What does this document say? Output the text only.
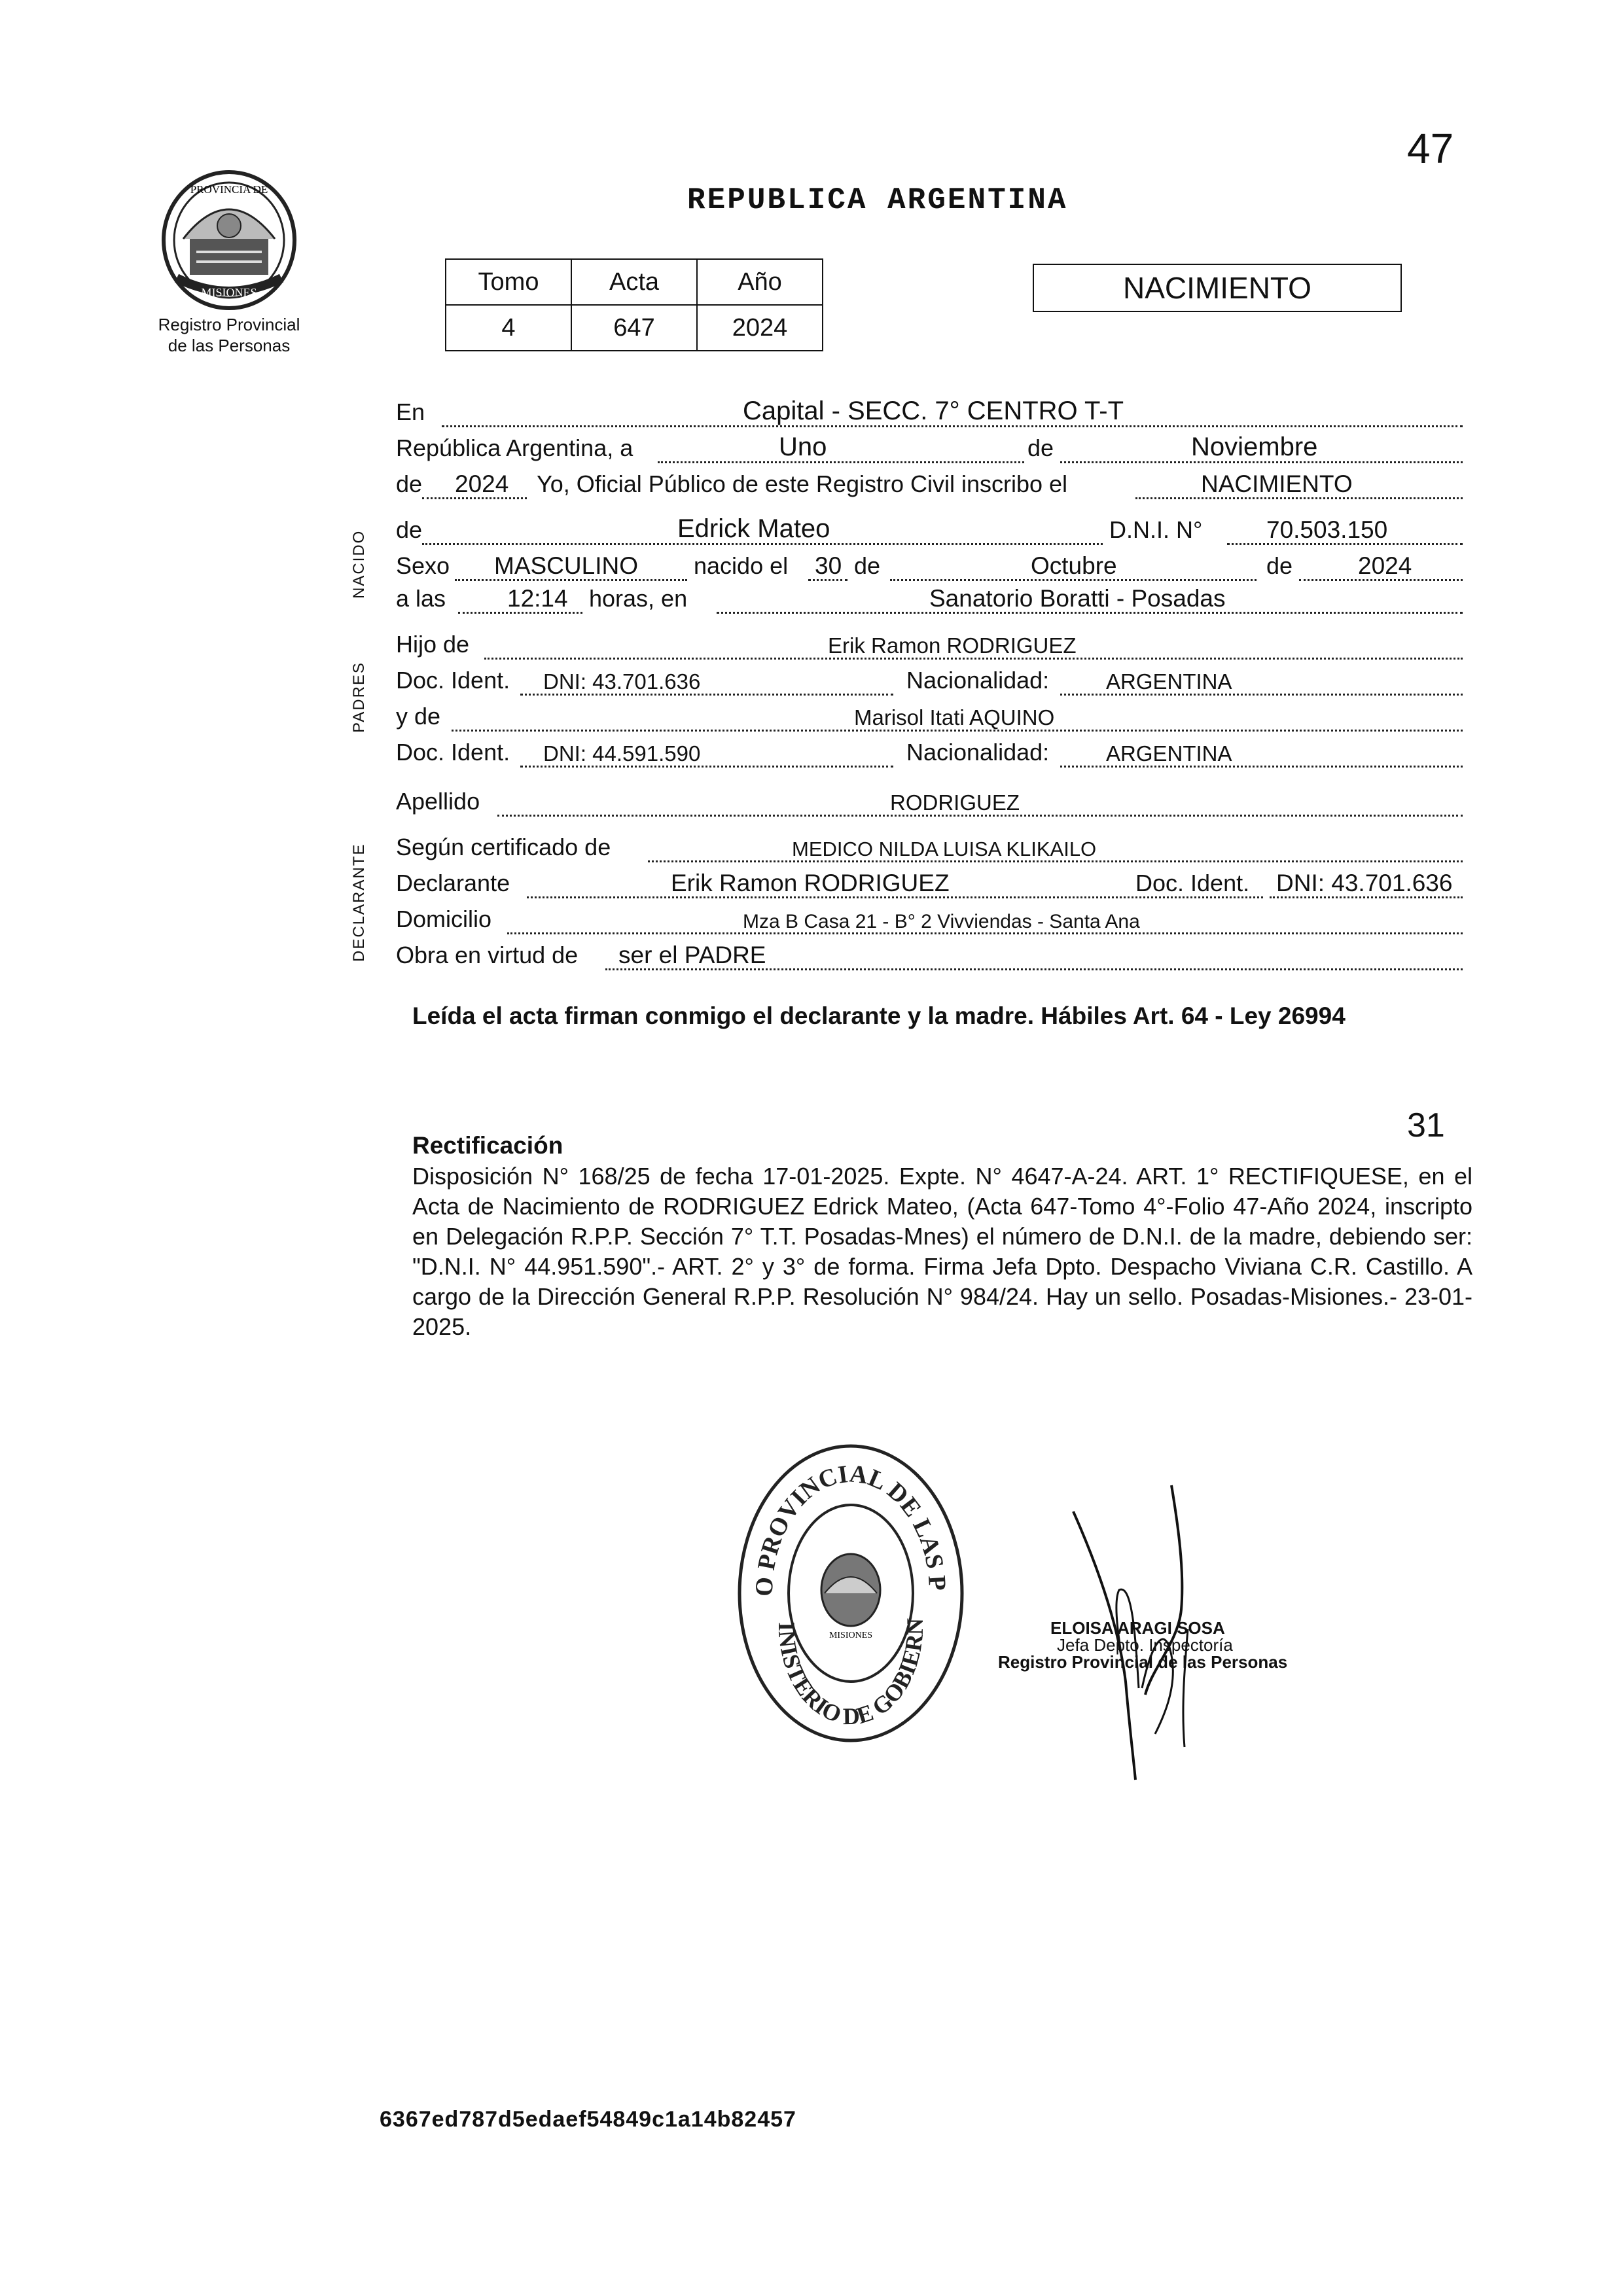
47
PROVINCIA DE
MISIONES
Registro Provincial
de las Personas
REPUBLICA ARGENTINA
Tomo	Acta	Año
4	647	2024
NACIMIENTO
NACIDO
PADRES
DECLARANTE
En	Capital - SECC. 7° CENTRO T-T
República Argentina, a	Uno	de	Noviembre
de 2024 Yo, Oficial Público de este Registro Civil inscribo el	NACIMIENTO
de	Edrick Mateo	D.N.I. N°	70.503.150
Sexo MASCULINO nacido el 30 de	Octubre	de	2024
a las	12:14 horas, en	Sanatorio Boratti - Posadas
Hijo de	Erik Ramon RODRIGUEZ
Doc. Ident. DNI: 43.701.636	Nacionalidad:	ARGENTINA
y de	Marisol Itati AQUINO
Doc. Ident. DNI: 44.591.590	Nacionalidad:	ARGENTINA
Apellido	RODRIGUEZ
Según certificado de	MEDICO NILDA LUISA KLIKAILO
Declarante	Erik Ramon RODRIGUEZ	Doc. Ident. DNI: 43.701.636
Domicilio	Mza B Casa 21 - B° 2 Vivviendas - Santa Ana
Obra en virtud de ser el PADRE
Leída el acta firman conmigo el declarante y la madre. Hábiles Art. 64 - Ley 26994
31
Rectificación
Disposición N° 168/25 de fecha 17-01-2025. Expte. N° 4647-A-24. ART. 1° RECTIFIQUESE, en el Acta de Nacimiento de RODRIGUEZ Edrick Mateo, (Acta 647-Tomo 4°-Folio 47-Año 2024, inscripto en Delegación R.P.P. Sección 7° T.T. Posadas-Mnes) el número de D.N.I. de la madre, debiendo ser: "D.N.I. N° 44.951.590".- ART. 2° y 3° de forma. Firma Jefa Dpto. Despacho Viviana C.R. Castillo. A cargo de la Dirección General R.P.P. Resolución N° 984/24. Hay un sello. Posadas-Misiones.- 23-01-2025.
O PROVINCIAL DE LAS P
INISTERIO DE GOBIERN
MISIONES	ELOISA ARAGI SOSA
Jefa Depto. Inspectoría
Registro Provincial de las Personas
6367ed787d5edaef54849c1a14b82457
